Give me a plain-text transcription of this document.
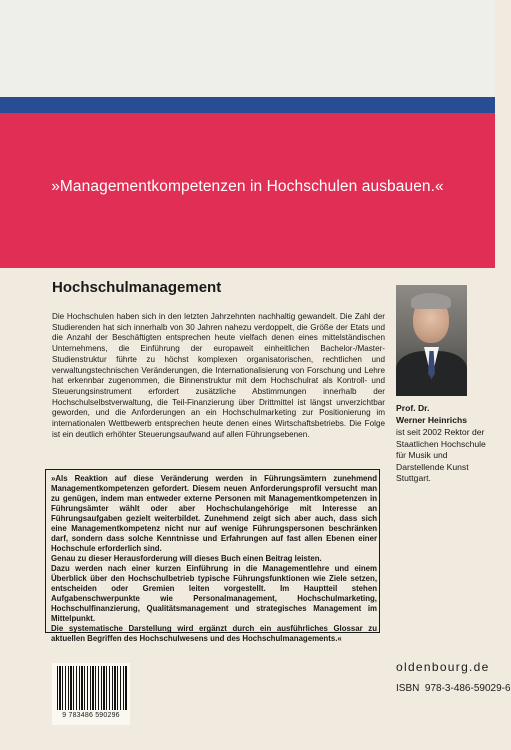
»Managementkompetenzen in Hochschulen ausbauen.«
Hochschulmanagement

Die Hochschulen haben sich in den letzten Jahrzehnten nachhaltig gewandelt. Die Zahl der Studierenden hat sich innerhalb von 30 Jahren nahezu verdoppelt, die Größe der Etats und die Anzahl der Beschäftigten entsprechen heute vielfach denen eines mittelständischen Unternehmens, die Einführung der europaweit einheitlichen Bachelor-/Master-Studienstruktur führte zu höchst komplexen organisatorischen, rechtlichen und verwaltungstechnischen Veränderungen, die Internationalisierung von Forschung und Lehre hat erkennbar zugenommen, die Binnenstruktur mit dem Hochschulrat als Kontroll- und Steuerungsinstrument erfordert zusätzliche Abstimmungen innerhalb der Hochschulselbstverwaltung, die Teil-Finanzierung über Drittmittel ist längst unverzichtbar geworden, und die Anforderungen an ein Hochschulmarketing zur Positionierung im internationalen Wettbewerb entsprechen heute denen eines Wirtschaftsbetriebs. Die Folge ist ein deutlich erhöhter Steuerungsaufwand auf allen Führungsebenen.

Prof. Dr.
Werner Heinrichs

ist seit 2002 Rektor der Staatlichen Hochschule für Musik und Darstellende Kunst Stuttgart.

»Als Reaktion auf diese Veränderung werden in Führungsämtern zunehmend Managementkompetenzen gefordert. Diesem neuen Anforderungsprofil versucht man zu genügen, indem man entweder externe Personen mit Managementkompetenzen in Führungsämter wählt oder aber Hochschulangehörige mit Interesse an Führungsaufgaben gezielt weiterbildet. Zunehmend zeigt sich aber auch, dass sich eine Managementkompetenz nicht nur auf wenige Führungspersonen beschränken darf, sondern dass solche Kenntnisse und Erfahrungen auf fast allen Ebenen einer Hochschule erforderlich sind.
Genau zu dieser Herausforderung will dieses Buch einen Beitrag leisten.
Dazu werden nach einer kurzen Einführung in die Managementlehre und einem Überblick über den Hochschulbetrieb typische Führungsfunktionen wie Ziele setzen, entscheiden oder Gremien leiten vorgestellt. Im Hauptteil stehen Aufgabenschwerpunkte wie Personalmanagement, Hochschulmarketing, Hochschulfinanzierung, Qualitätsmanagement und strategisches Management im Mittelpunkt.
Die systematische Darstellung wird ergänzt durch ein ausführliches Glossar zu aktuellen Begriffen des Hochschulwesens und des Hochschulmanagements.«
9 783486 590296
oldenbourg.de
ISBN 978-3-486-59029-6
